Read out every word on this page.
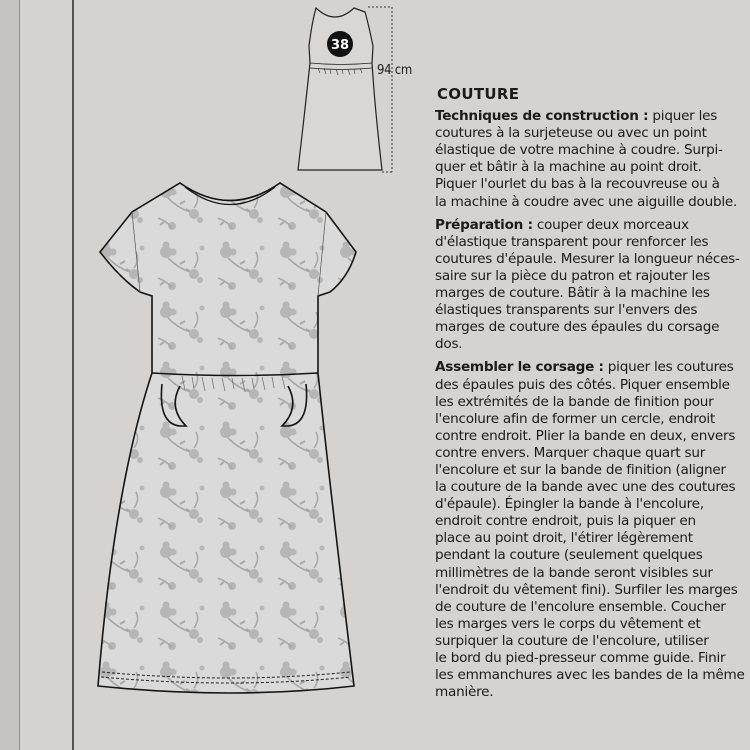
38
94 cm
COUTURE
Techniques de construction : piquer les
coutures à la surjeteuse ou avec un point
élastique de votre machine à coudre. Surpi-
quer et bâtir à la machine au point droit.
Piquer l'ourlet du bas à la recouvreuse ou à
la machine à coudre avec une aiguille double.
Préparation : couper deux morceaux
d'élastique transparent pour renforcer les
coutures d'épaule. Mesurer la longueur néces-
saire sur la pièce du patron et rajouter les
marges de couture. Bâtir à la machine les
élastiques transparents sur l'envers des
marges de couture des épaules du corsage
dos.
Assembler le corsage : piquer les coutures
des épaules puis des côtés. Piquer ensemble
les extrémités de la bande de finition pour
l'encolure afin de former un cercle, endroit
contre endroit. Plier la bande en deux, envers
contre envers. Marquer chaque quart sur
l'encolure et sur la bande de finition (aligner
la couture de la bande avec une des coutures
d'épaule). Épingler la bande à l'encolure,
endroit contre endroit, puis la piquer en
place au point droit, l'étirer légèrement
pendant la couture (seulement quelques
millimètres de la bande seront visibles sur
l'endroit du vêtement fini). Surfiler les marges
de couture de l'encolure ensemble. Coucher
les marges vers le corps du vêtement et
surpiquer la couture de l'encolure, utiliser
le bord du pied-presseur comme guide. Finir
les emmanchures avec les bandes de la même
manière.
